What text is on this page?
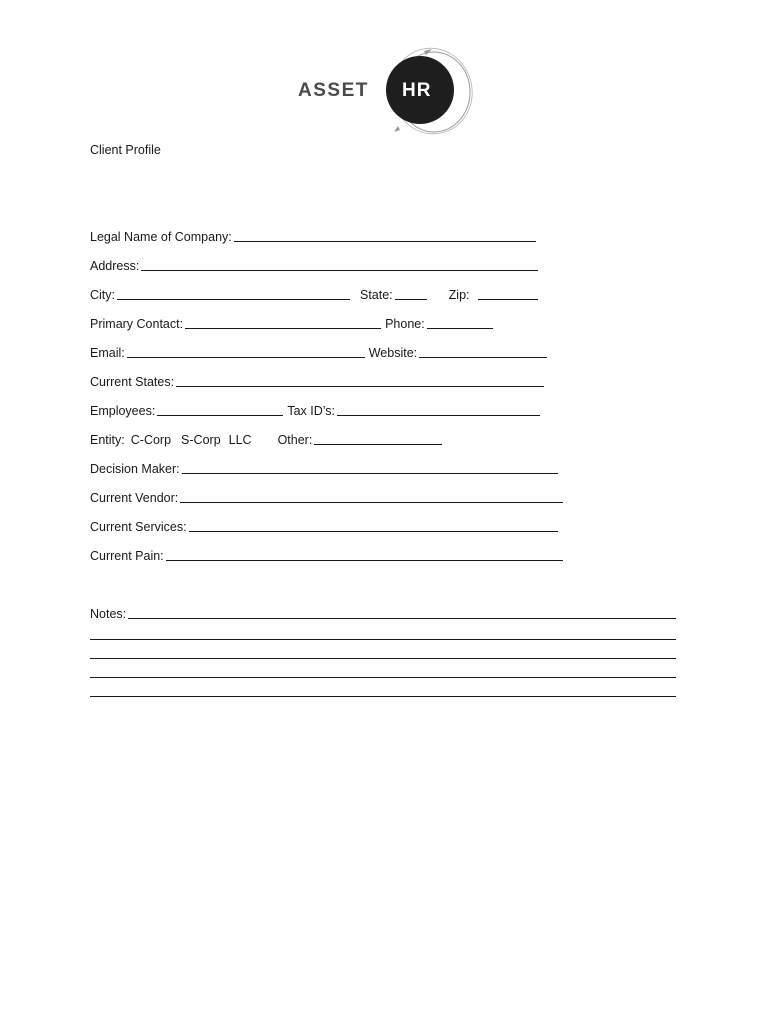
ASSET HR
Client Profile
Legal Name of Company:
Address:
City:	State:	Zip:
Primary Contact:	Phone:
Email:	Website:
Current States:
Employees:	Tax ID’s:
Entity: C-Corp S-Corp LLC Other:
Decision Maker:
Current Vendor:
Current Services:
Current Pain:
Notes:
